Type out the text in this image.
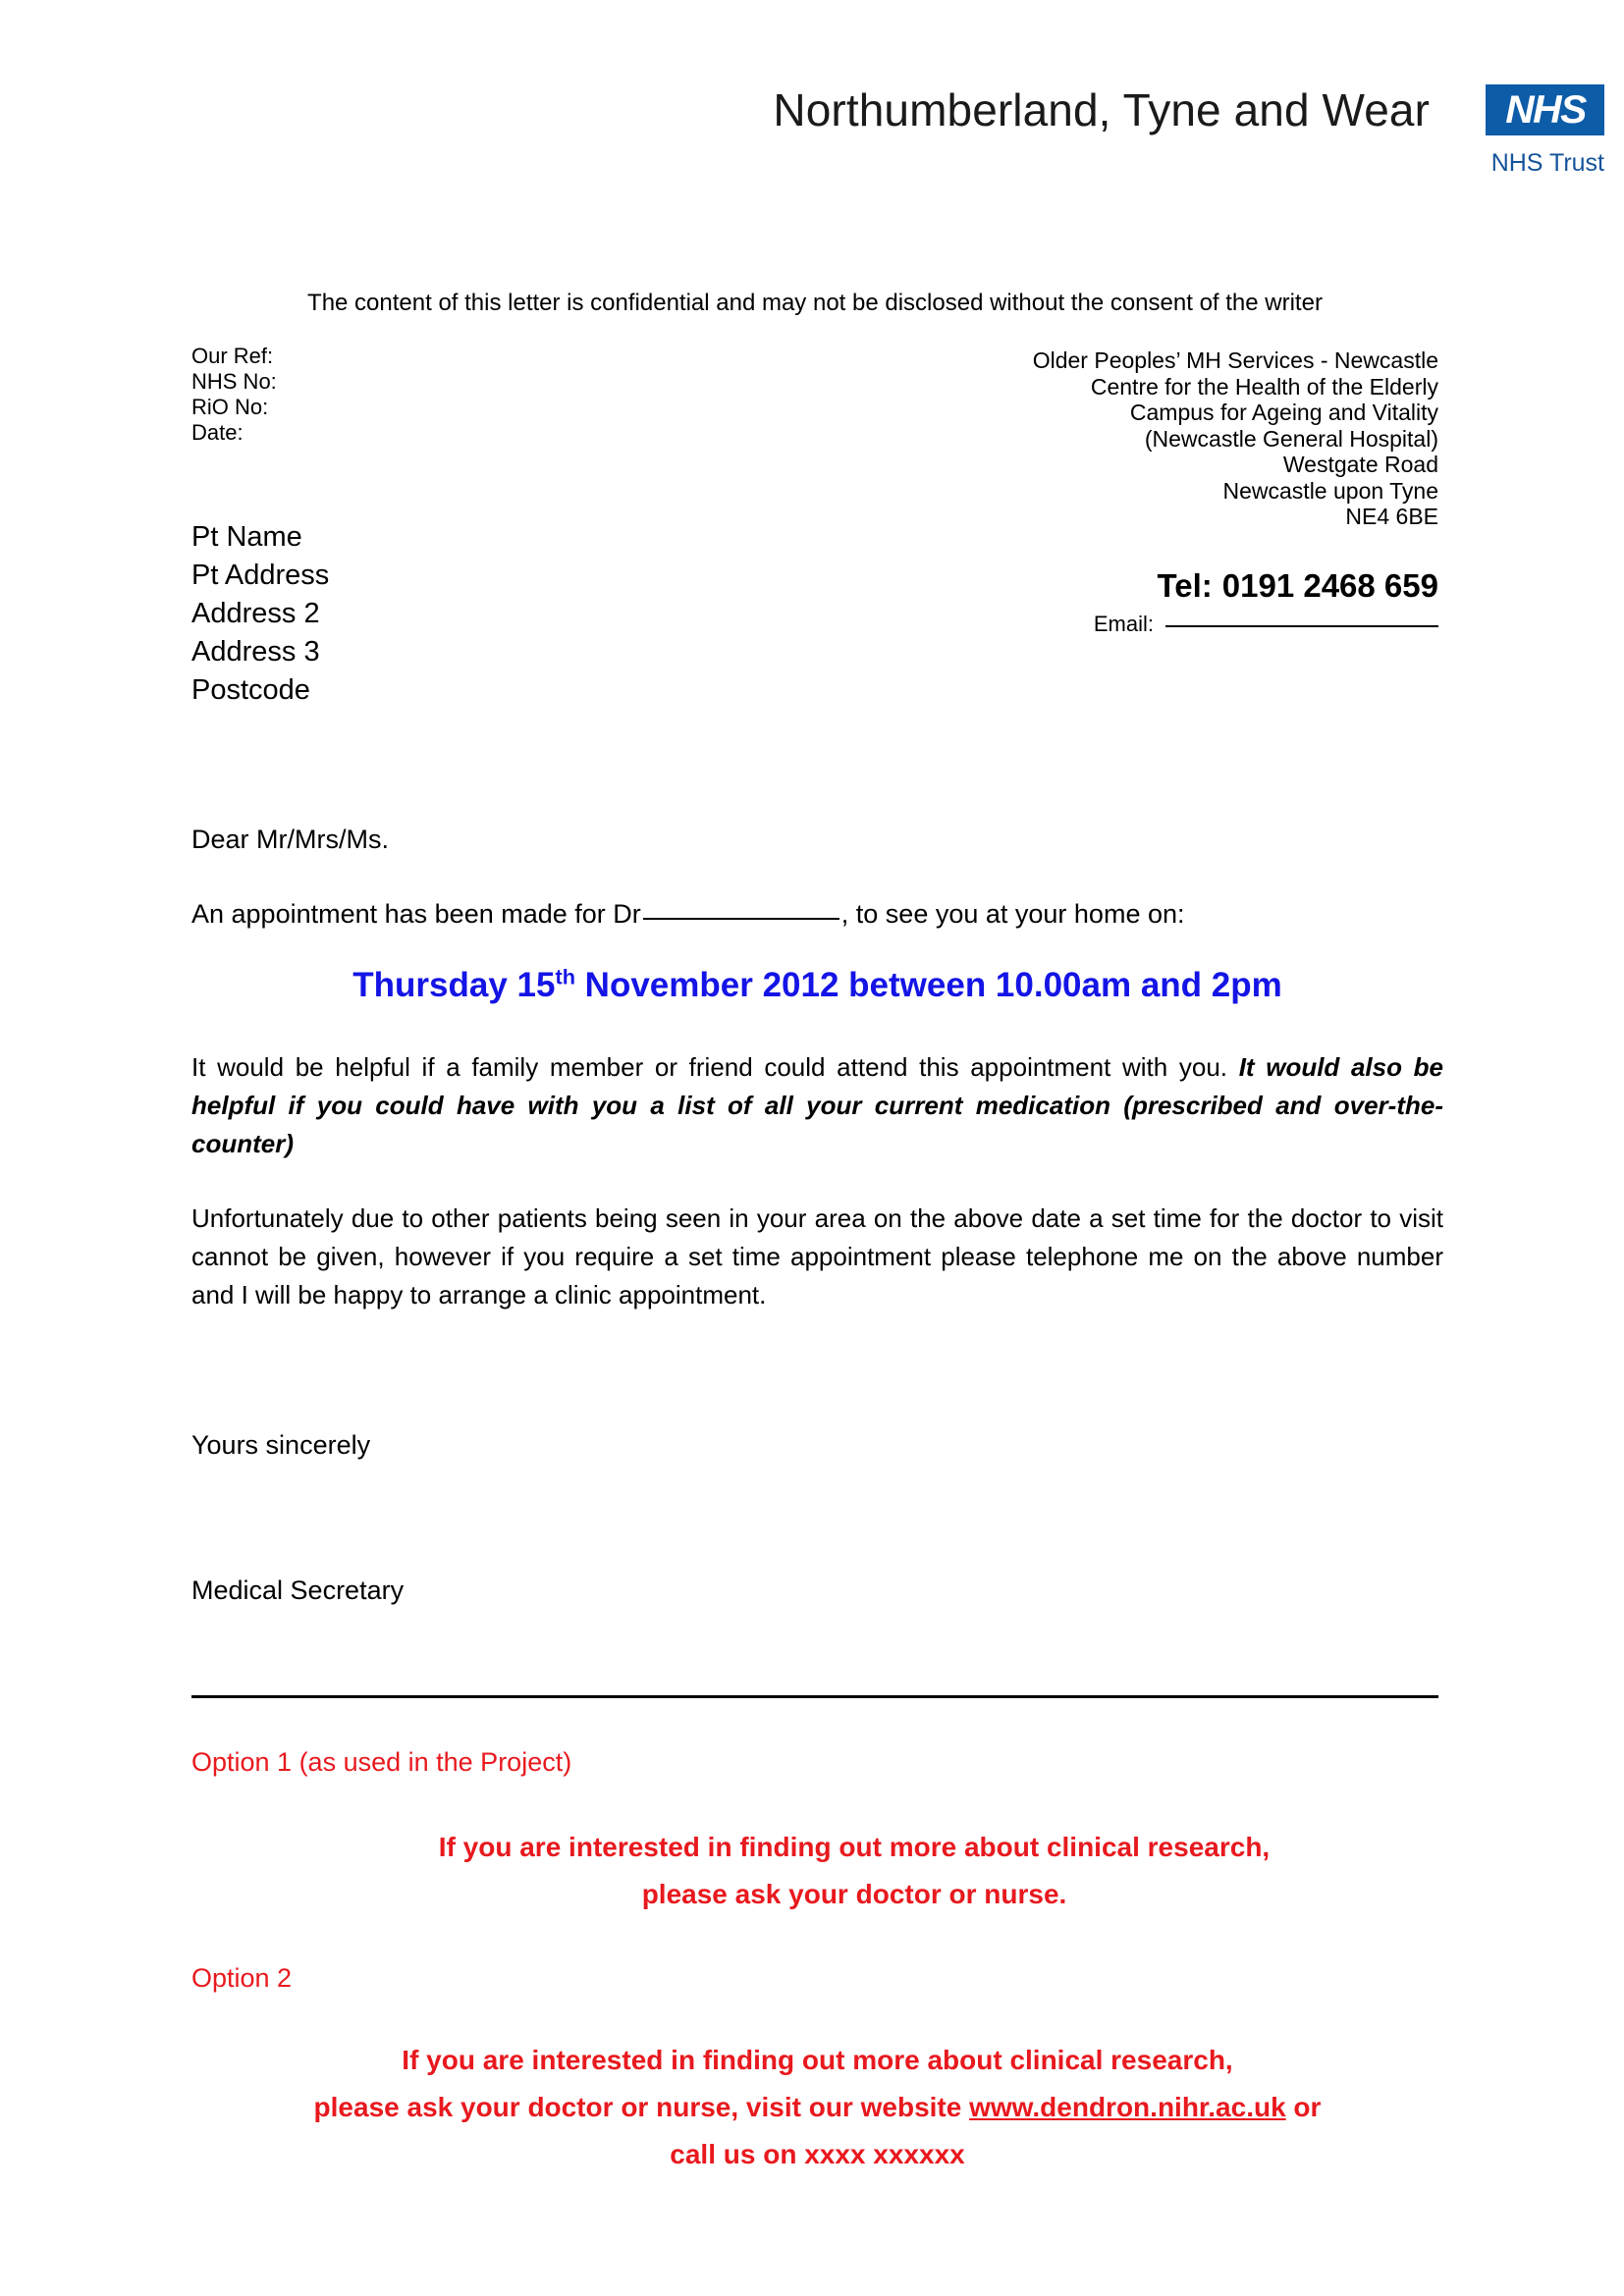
Northumberland, Tyne and Wear NHS
NHS Trust
The content of this letter is confidential and may not be disclosed without the consent of the writer
Our Ref:
NHS No:
RiO No:
Date:
Older Peoples’ MH Services - Newcastle
Centre for the Health of the Elderly
Campus for Ageing and Vitality
(Newcastle General Hospital)
Westgate Road
Newcastle upon Tyne
NE4 6BE
Tel: 0191 2468 659
Email:
Pt Name
Pt Address
Address 2
Address 3
Postcode
Dear Mr/Mrs/Ms.
An appointment has been made for Dr	, to see you at your home on:
Thursday 15th November 2012 between 10.00am and 2pm
It would be helpful if a family member or friend could attend this appointment with you. It would also be helpful if you could have with you a list of all your current medication (prescribed and over-the-counter)
Unfortunately due to other patients being seen in your area on the above date a set time for the doctor to visit cannot be given, however if you require a set time appointment please telephone me on the above number and I will be happy to arrange a clinic appointment.
Yours sincerely
Medical Secretary
Option 1 (as used in the Project)
If you are interested in finding out more about clinical research,
please ask your doctor or nurse.
Option 2
If you are interested in finding out more about clinical research,
please ask your doctor or nurse, visit our website www.dendron.nihr.ac.uk or
call us on xxxx xxxxxx
